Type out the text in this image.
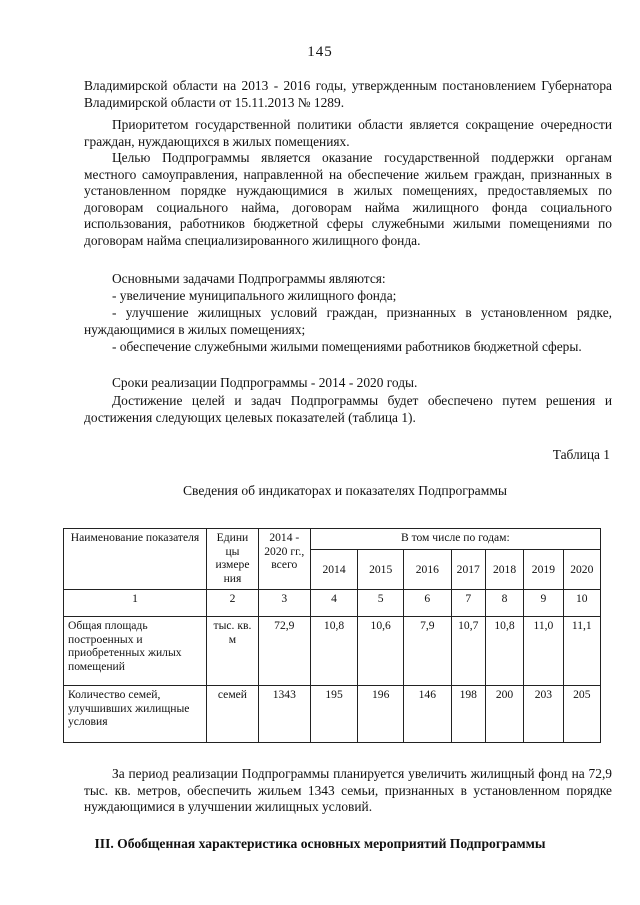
145

Владимирской области на 2013 - 2016 годы, утвержденным постановлением Губернатора Владимирской области от 15.11.2013 № 1289.

Приоритетом государственной политики области является сокращение очередности граждан, нуждающихся в жилых помещениях.

Целью Подпрограммы является оказание государственной поддержки органам местного самоуправления, направленной на обеспечение жильем граждан, признанных в установленном порядке нуждающимися в жилых помещениях, предоставляемых по договорам социального найма, договорам найма жилищного фонда социального использования, работников бюджетной сферы служебными жилыми помещениями по договорам найма специализированного жилищного фонда.

Основными задачами Подпрограммы являются:

- увеличение муниципального жилищного фонда;

- улучшение жилищных условий граждан, признанных в установленном рядке, нуждающимися в жилых помещениях;

- обеспечение служебными жилыми помещениями работников бюджетной сферы.

Сроки реализации Подпрограммы - 2014 - 2020 годы.

Достижение целей и задач Подпрограммы будет обеспечено путем решения и достижения следующих целевых показателей (таблица 1).

Таблица 1
Сведения об индикаторах и показателях Подпрограммы
Наименование показателя	Едини цы измере ния	2014 - 2020 гг., всего	В том числе по годам:						
			2014	2015	2016	2017	2018	2019	2020
1	2	3	4	5	6	7	8	9	10
Общая площадь построенных и приобретенных жилых помещений	тыс. кв. м	72,9	10,8	10,6	7,9	10,7	10,8	11,0	11,1
Количество семей, улучшивших жилищные условия	семей	1343	195	196	146	198	200	203	205

За период реализации Подпрограммы планируется увеличить жилищный фонд на 72,9 тыс. кв. метров, обеспечить жильем 1343 семьи, признанных в установленном порядке нуждающимися в улучшении жилищных условий.

III. Обобщенная характеристика основных мероприятий Подпрограммы
